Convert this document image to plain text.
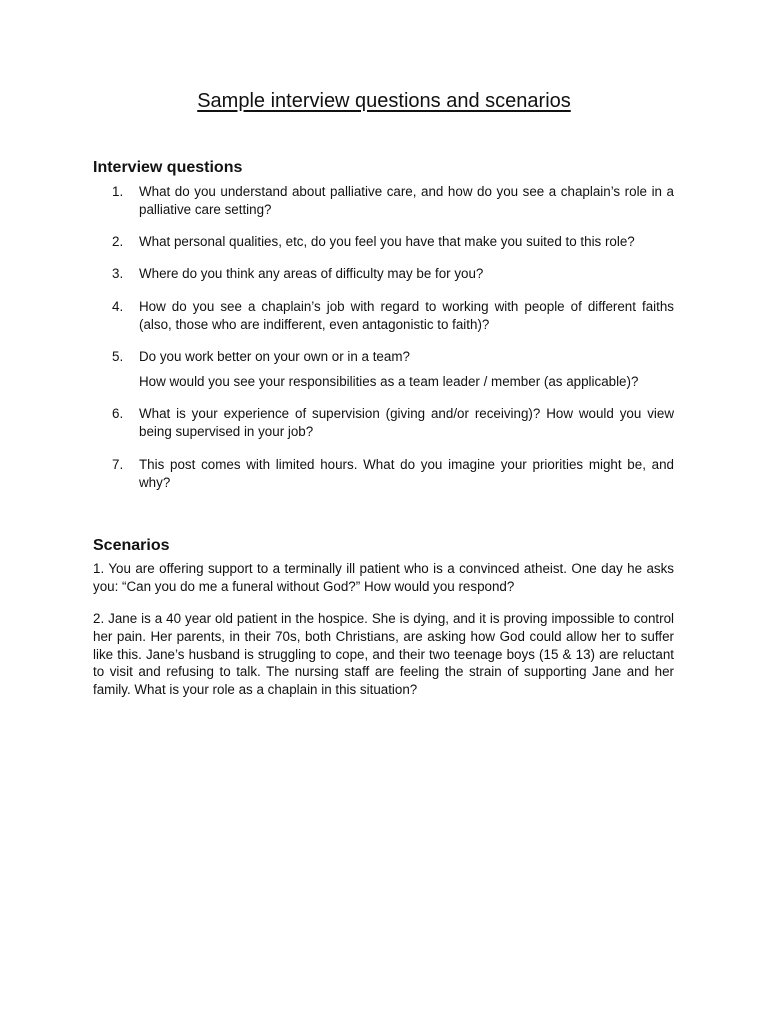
Sample interview questions and scenarios
Interview questions
1.	What do you understand about palliative care, and how do you see a chaplain’s role in a palliative care setting?
2.	What personal qualities, etc, do you feel you have that make you suited to this role?
3.	Where do you think any areas of difficulty may be for you?
4.	How do you see a chaplain’s job with regard to working with people of different faiths (also, those who are indifferent, even antagonistic to faith)?
5.	Do you work better on your own or in a team?
How would you see your responsibilities as a team leader / member (as applicable)?
6.	What is your experience of supervision (giving and/or receiving)? How would you view being supervised in your job?
7.	This post comes with limited hours. What do you imagine your priorities might be, and why?
Scenarios

1. You are offering support to a terminally ill patient who is a convinced atheist. One day he asks you: “Can you do me a funeral without God?” How would you respond?

2. Jane is a 40 year old patient in the hospice. She is dying, and it is proving impossible to control her pain. Her parents, in their 70s, both Christians, are asking how God could allow her to suffer like this. Jane’s husband is struggling to cope, and their two teenage boys (15 & 13) are reluctant to visit and refusing to talk. The nursing staff are feeling the strain of supporting Jane and her family. What is your role as a chaplain in this situation?
